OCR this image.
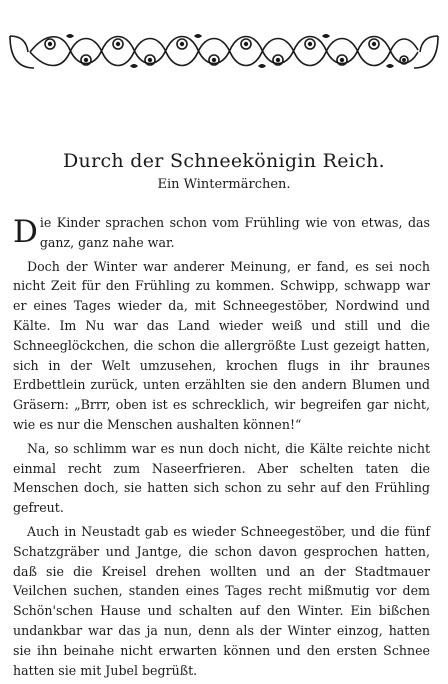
Durch der Schneekönigin Reich.
Ein Wintermärchen.

Die Kinder sprachen schon vom Frühling wie von etwas, das ganz, ganz nahe war.

Doch der Winter war anderer Meinung, er fand, es sei noch nicht Zeit für den Frühling zu kommen. Schwipp, schwapp war er eines Tages wieder da, mit Schneegestöber, Nordwind und Kälte. Im Nu war das Land wieder weiß und still und die Schneeglöckchen, die schon die allergrößte Lust gezeigt hatten, sich in der Welt umzusehen, krochen flugs in ihr braunes Erdbettlein zurück, unten erzählten sie den andern Blumen und Gräsern: „Brrr, oben ist es schrecklich, wir begreifen gar nicht, wie es nur die Menschen aushalten können!“

Na, so schlimm war es nun doch nicht, die Kälte reichte nicht einmal recht zum Naseerfrieren. Aber schelten taten die Menschen doch, sie hatten sich schon zu sehr auf den Frühling gefreut.

Auch in Neustadt gab es wieder Schneegestöber, und die fünf Schatzgräber und Jantge, die schon davon gesprochen hatten, daß sie die Kreisel drehen wollten und an der Stadtmauer Veilchen suchen, standen eines Tages recht mißmutig vor dem Schön'schen Hause und schalten auf den Winter. Ein bißchen undankbar war das ja nun, denn als der Winter einzog, hatten sie ihn beinahe nicht erwarten können und den ersten Schnee hatten sie mit Jubel begrüßt.
